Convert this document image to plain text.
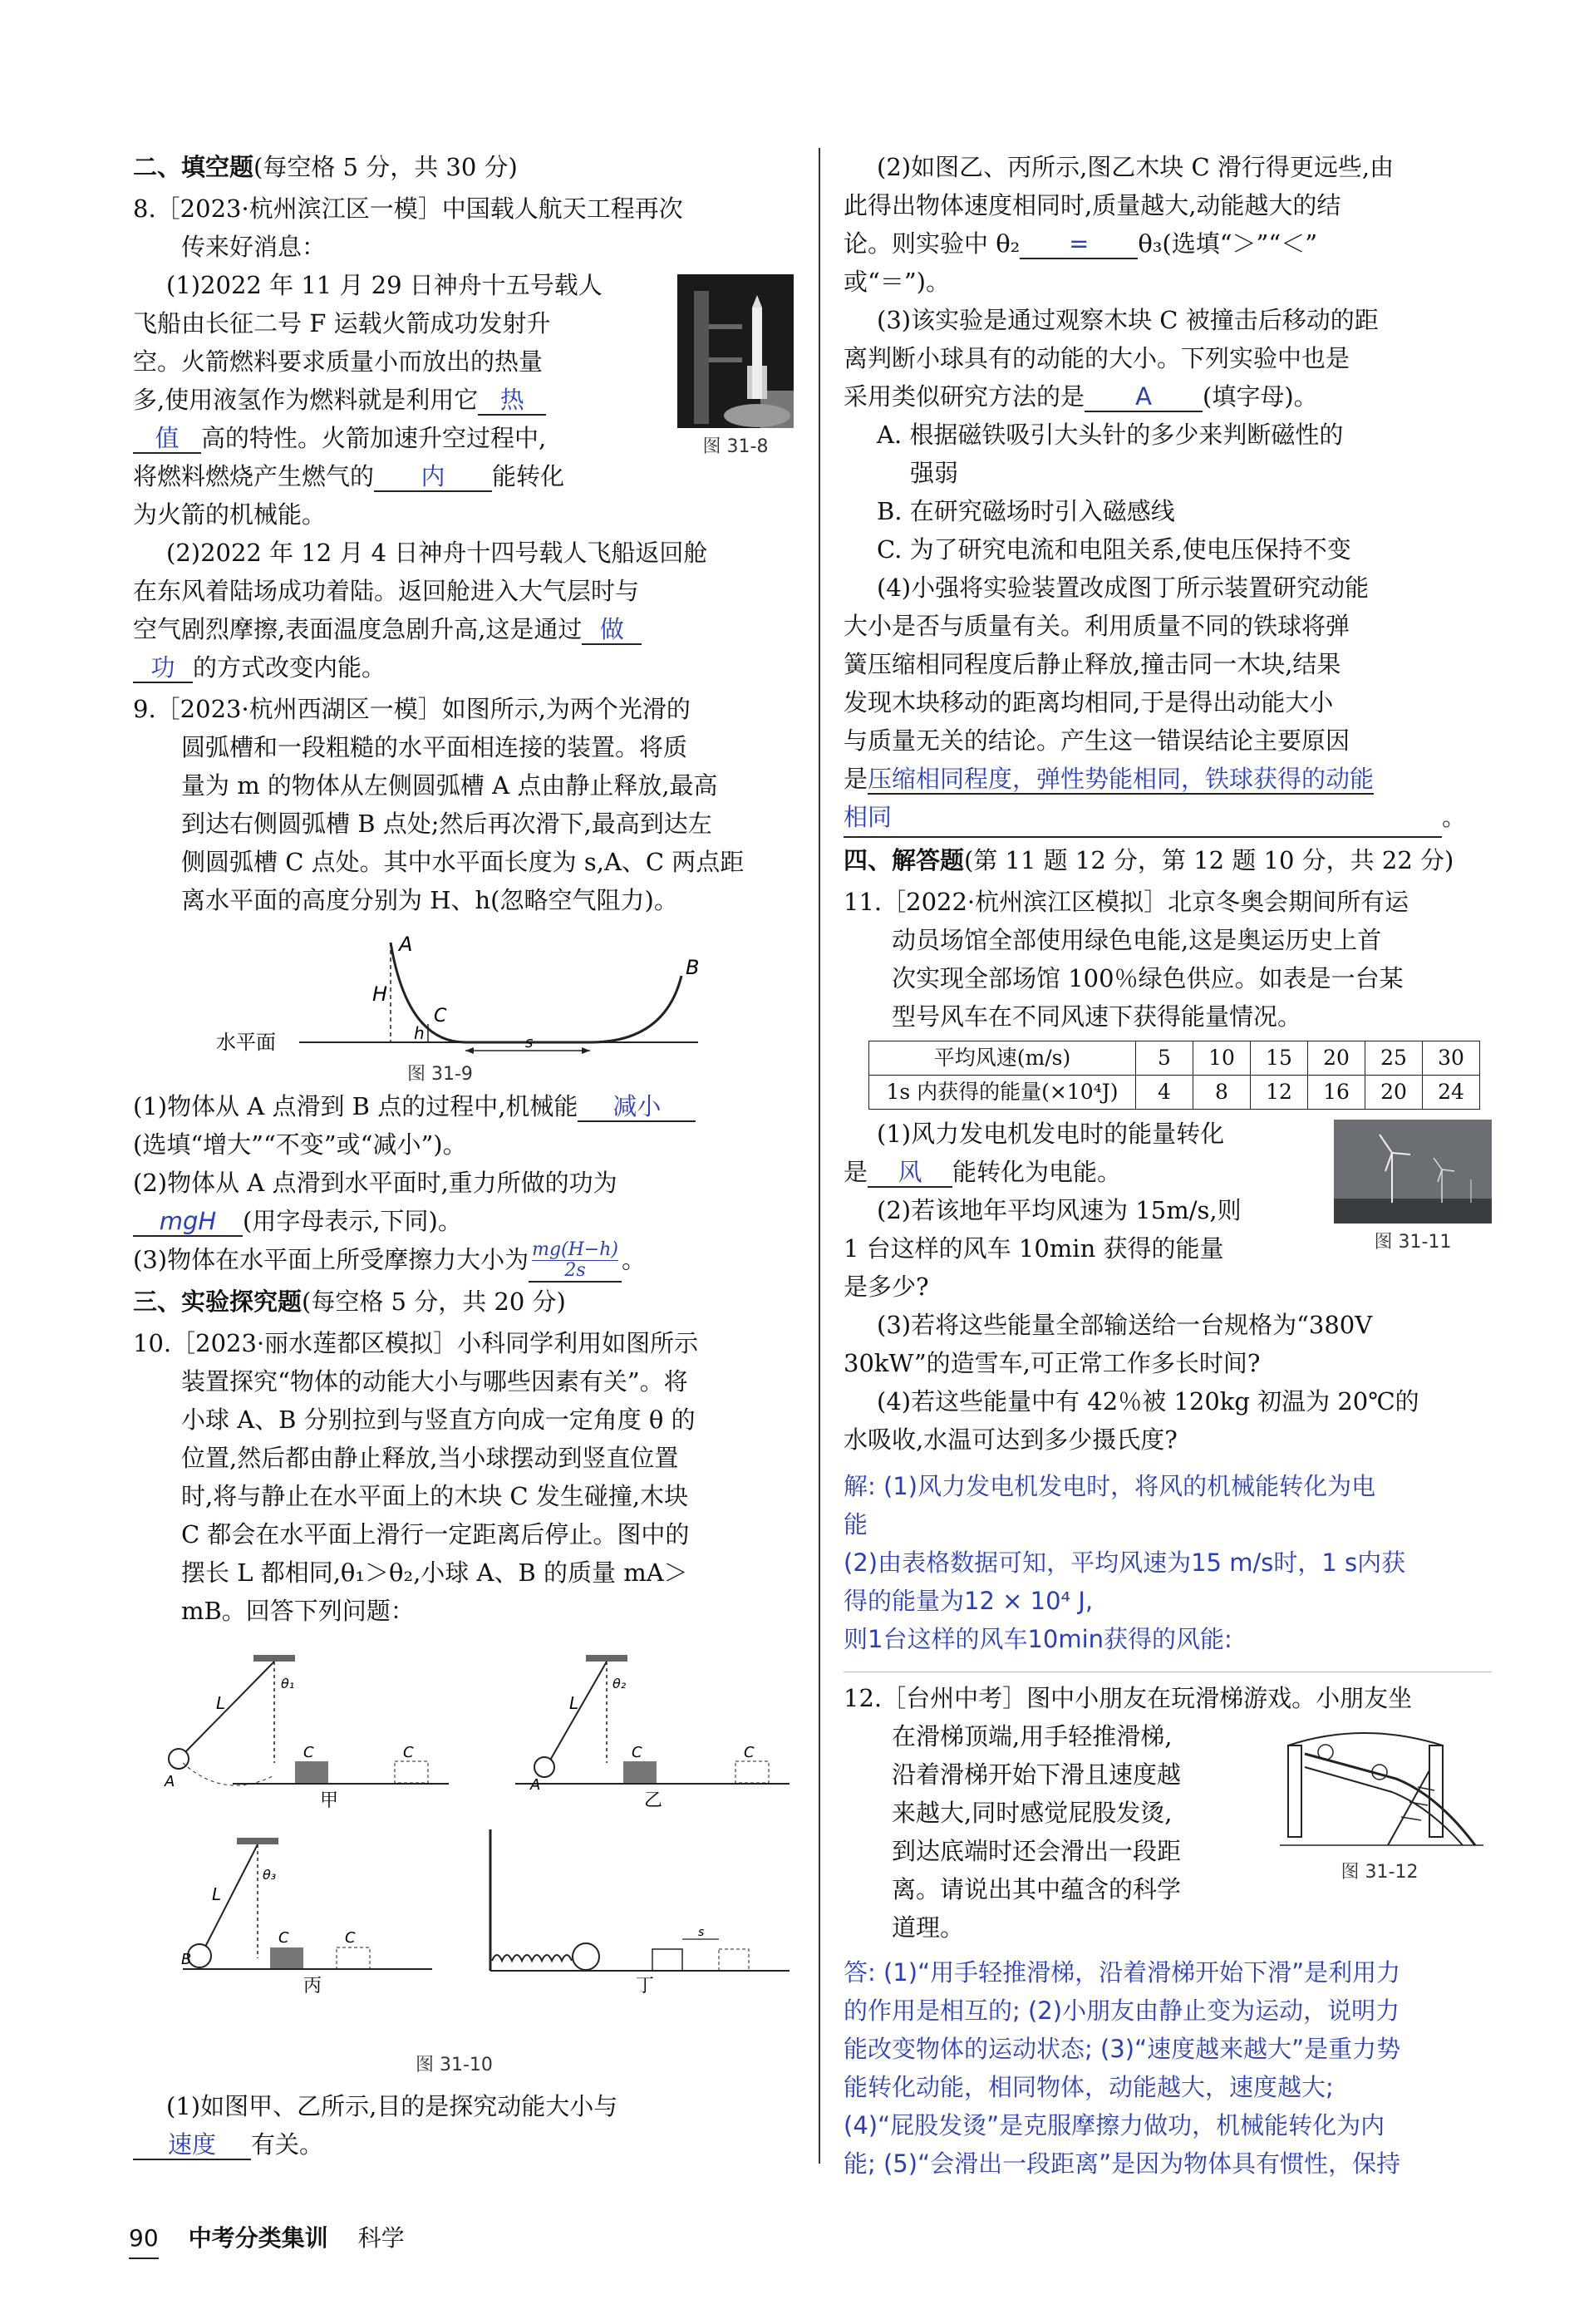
二、填空题(每空格 5 分，共 30 分)

8.［2023·杭州滨江区一模］中国载人航天工程再次

传来好消息：

图 31-8

(1)2022 年 11 月 29 日神舟十五号载人

飞船由长征二号 F 运载火箭成功发射升

空。火箭燃料要求质量小而放出的热量

多,使用液氢作为燃料就是利用它 热

值 高的特性。火箭加速升空过程中,

将燃料燃烧产生燃气的 内 能转化

为火箭的机械能。

(2)2022 年 12 月 4 日神舟十四号载人飞船返回舱

在东风着陆场成功着陆。返回舱进入大气层时与

空气剧烈摩擦,表面温度急剧升高,这是通过 做

功 的方式改变内能。

9.［2023·杭州西湖区一模］如图所示,为两个光滑的

圆弧槽和一段粗糙的水平面相连接的装置。将质

量为 m 的物体从左侧圆弧槽 A 点由静止释放,最高

到达右侧圆弧槽 B 点处;然后再次滑下,最高到达左

侧圆弧槽 C 点处。其中水平面长度为 s,A、C 两点距

离水平面的高度分别为 H、h(忽略空气阻力)。

A
B
C
H
h	s
水平面
图 31-9

(1)物体从 A 点滑到 B 点的过程中,机械能 减小

(选填“增大”“不变”或“减小”)。

(2)物体从 A 点滑到水平面时,重力所做的功为

mgH (用字母表示,下同)。

(3)物体在水平面上所受摩擦力大小为 $\frac{mg(H-h)}{2s}$ 。

三、实验探究题(每空格 5 分，共 20 分)

10.［2023·丽水莲都区模拟］小科同学利用如图所示

装置探究“物体的动能大小与哪些因素有关”。将

小球 A、B 分别拉到与竖直方向成一定角度 θ 的

位置,然后都由静止释放,当小球摆动到竖直位置

时,将与静止在水平面上的木块 C 发生碰撞,木块

C 都会在水平面上滑行一定距离后停止。图中的

摆长 L 都相同,θ₁＞θ₂,小球 A、B 的质量 mA＞

mB。回答下列问题：

L
θ₁
C	C
A
甲
L
θ₂
C	C
A
乙
L
θ₃
C	C
B
丙
s
丁
图 31-10

(1)如图甲、乙所示,目的是探究动能大小与

速度 有关。

(2)如图乙、丙所示,图乙木块 C 滑行得更远些,由

此得出物体速度相同时,质量越大,动能越大的结

论。则实验中 θ₂ = θ₃(选填“＞”“＜”

或“＝”)。

(3)该实验是通过观察木块 C 被撞击后移动的距

离判断小球具有的动能的大小。下列实验中也是

采用类似研究方法的是 A (填字母)。

A. 根据磁铁吸引大头针的多少来判断磁性的

强弱

B. 在研究磁场时引入磁感线

C. 为了研究电流和电阻关系,使电压保持不变

(4)小强将实验装置改成图丁所示装置研究动能

大小是否与质量有关。利用质量不同的铁球将弹

簧压缩相同程度后静止释放,撞击同一木块,结果

发现木块移动的距离均相同,于是得出动能大小

与质量无关的结论。产生这一错误结论主要原因

是压缩相同程度，弹性势能相同，铁球获得的动能

相同	。

四、解答题(第 11 题 12 分，第 12 题 10 分，共 22 分)

11.［2022·杭州滨江区模拟］北京冬奥会期间所有运

动员场馆全部使用绿色电能,这是奥运历史上首

次实现全部场馆 100％绿色供应。如表是一台某

型号风车在不同风速下获得能量情况。

平均风速(m/s)	5	10	15	20	25	30
1s 内获得的能量(×10⁴J)	4	8	12	16	20	24
图 31-11

(1)风力发电机发电时的能量转化

是 风 能转化为电能。

(2)若该地年平均风速为 15m/s,则

1 台这样的风车 10min 获得的能量

是多少?

(3)若将这些能量全部输送给一台规格为“380V

30kW”的造雪车,可正常工作多长时间?

(4)若这些能量中有 42％被 120kg 初温为 20℃的

水吸收,水温可达到多少摄氏度?

解: (1)风力发电机发电时，将风的机械能转化为电

能

(2)由表格数据可知，平均风速为15 m/s时，1 s内获

得的能量为12 × 10⁴ J,

则1台这样的风车10min获得的风能:

12.［台州中考］图中小朋友在玩滑梯游戏。小朋友坐

图 31-12

在滑梯顶端,用手轻推滑梯,

沿着滑梯开始下滑且速度越

来越大,同时感觉屁股发烫,

到达底端时还会滑出一段距

离。请说出其中蕴含的科学

道理。

答: (1)“用手轻推滑梯，沿着滑梯开始下滑”是利用力

的作用是相互的; (2)小朋友由静止变为运动，说明力

能改变物体的运动状态; (3)“速度越来越大”是重力势

能转化动能，相同物体，动能越大，速度越大;

(4)“屁股发烫”是克服摩擦力做功，机械能转化为内

能; (5)“会滑出一段距离”是因为物体具有惯性，保持

90 中考分类集训 科学
